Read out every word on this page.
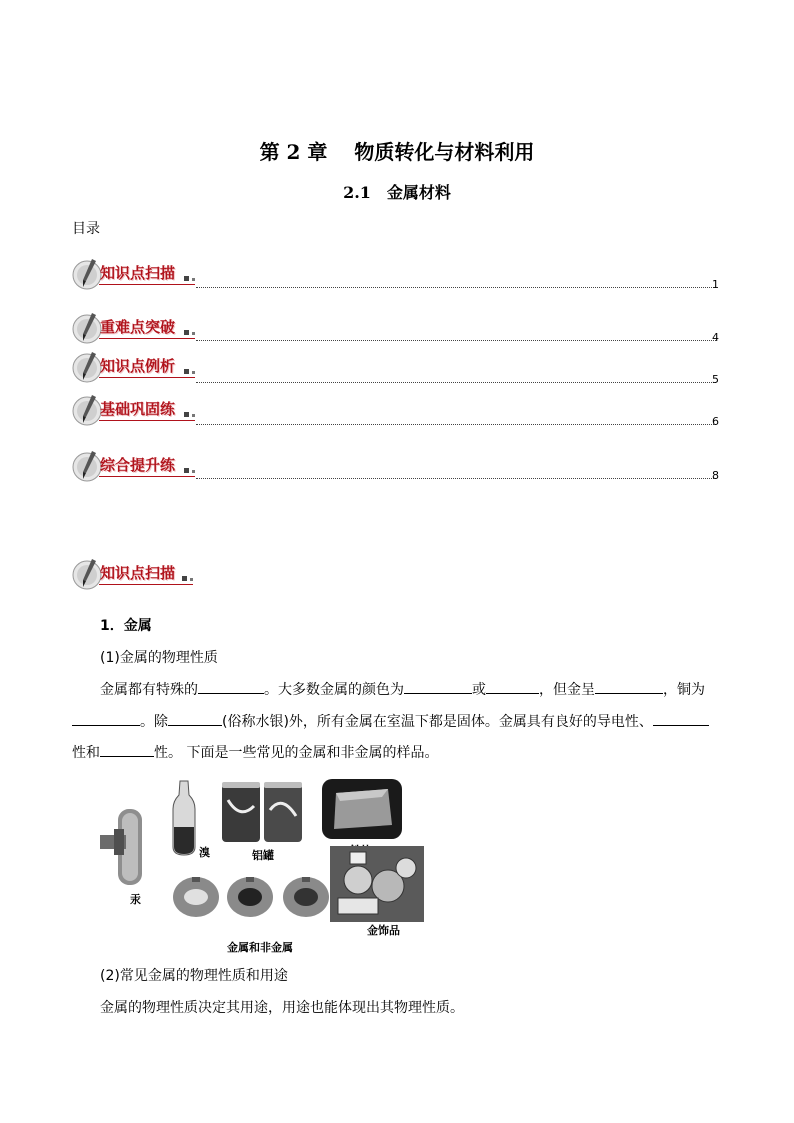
第 2 章　 物质转化与材料利用
2.1　金属材料
目录
知识点扫描
1
重难点突破
4
知识点例析
5
基础巩固练
6
综合提升练
8
知识点扫描
1．金属
(1)金属的物理性质
金属都有特殊的	。大多数金属的颜色为	或	，但金呈	，铜为
。除	(俗称水银)外，所有金属在室温下都是固体。金属具有良好的导电性、
性和	性。 下面是一些常见的金属和非金属的样品。
汞
溴	铝罐
金属和非金属
金饰品
(2)常见金属的物理性质和用途
金属的物理性质决定其用途，用途也能体现出其物理性质。
